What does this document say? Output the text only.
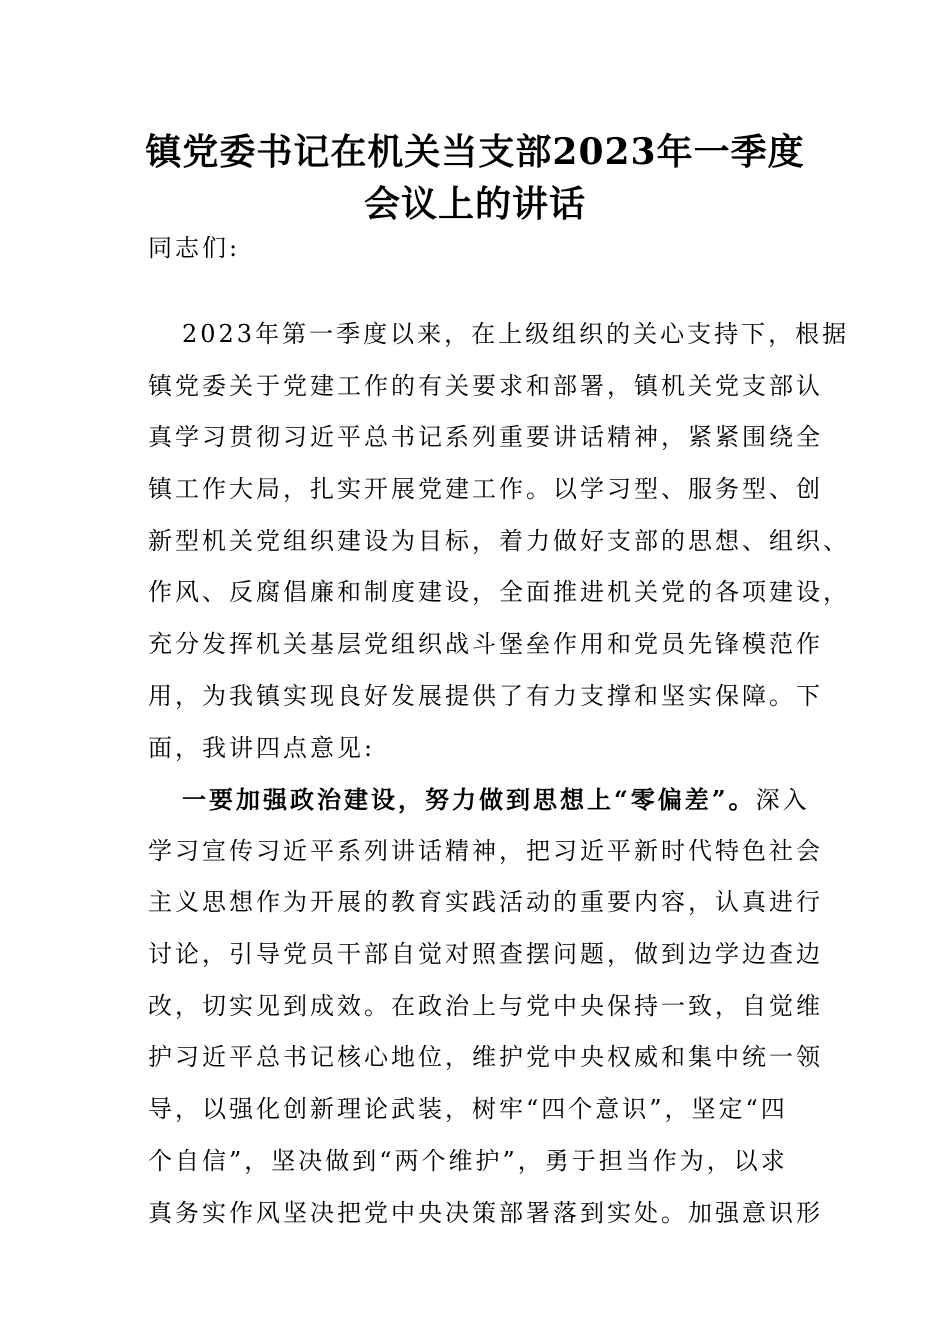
镇党委书记在机关当支部2023年一季度
会议上的讲话
同志们:
2023年第一季度以来，在上级组织的关心支持下，根据
镇党委关于党建工作的有关要求和部署，镇机关党支部认
真学习贯彻习近平总书记系列重要讲话精神，紧紧围绕全
镇工作大局，扎实开展党建工作。以学习型、服务型、创
新型机关党组织建设为目标，着力做好支部的思想、组织、
作风、反腐倡廉和制度建设，全面推进机关党的各项建设，
充分发挥机关基层党组织战斗堡垒作用和党员先锋模范作
用，为我镇实现良好发展提供了有力支撑和坚实保障。下
面，我讲四点意见:
一要加强政治建设，努力做到思想上“零偏差”。深入
学习宣传习近平系列讲话精神，把习近平新时代特色社会
主义思想作为开展的教育实践活动的重要内容，认真进行
讨论，引导党员干部自觉对照查摆问题，做到边学边查边
改，切实见到成效。在政治上与党中央保持一致，自觉维
护习近平总书记核心地位，维护党中央权威和集中统一领
导，以强化创新理论武装，树牢“四个意识”，坚定“四
个自信”，坚决做到“两个维护”，勇于担当作为，以求
真务实作风坚决把党中央决策部署落到实处。加强意识形
